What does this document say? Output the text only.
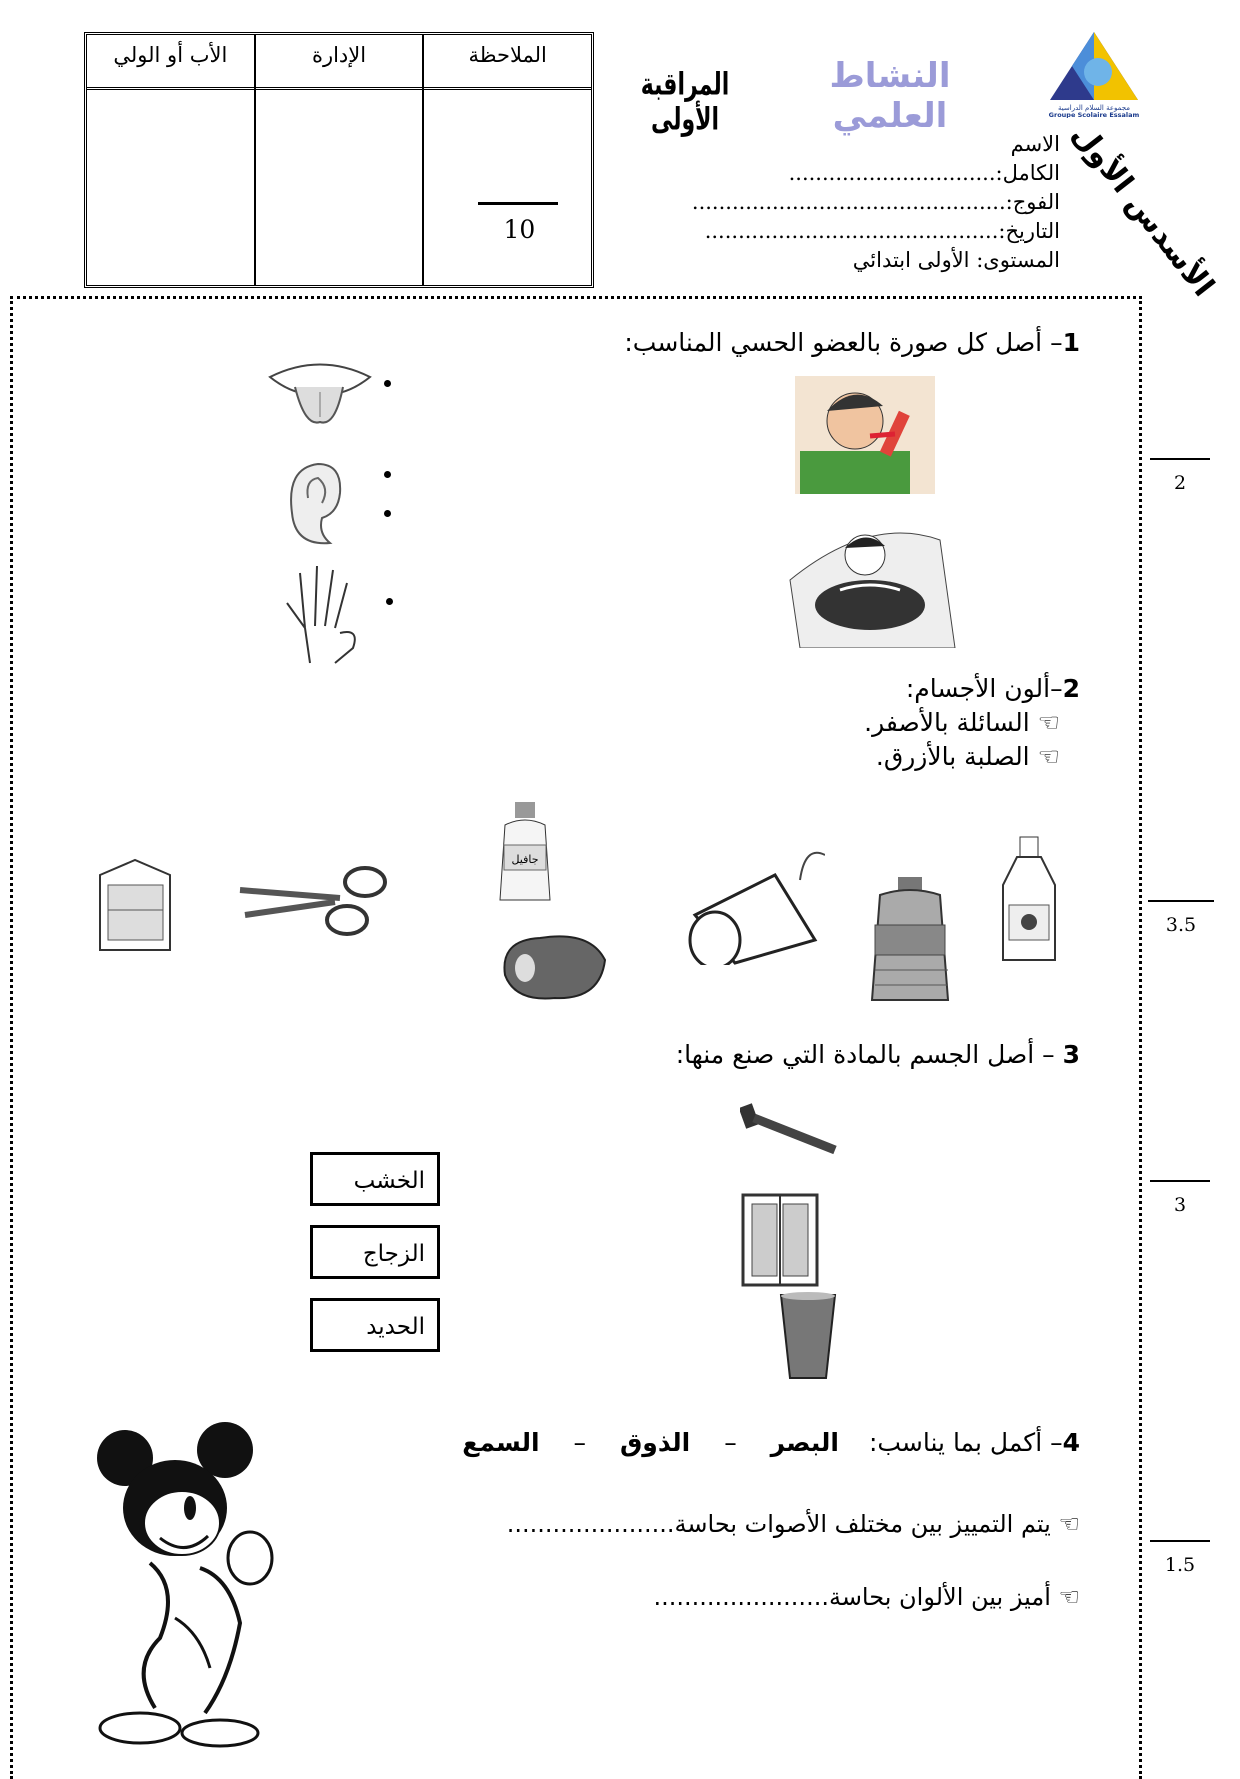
الأب أو الولي	الإدارة	الملاحظة
10
المراقبة الأولى
النشاط العلمي	مجموعة السلام الدراسية
Groupe Scolaire Essalam
الأسدس الأول
الاسم الكامل:...............................
الفوج:...............................................
التاريخ:............................................
المستوى: الأولى ابتدائي
1– أصل كل صورة بالعضو الحسي المناسب:
2
2–ألون الأجسام:
☜ السائلة بالأصفر.
☜ الصلبة بالأزرق.
جافيل
3.5
3 – أصل الجسم بالمادة التي صنع منها:
الخشب
الزجاج
الحديد
3
4– أكمل بما يناسب: البصر – الذوق – السمع
☜ يتم التمييز بين مختلف الأصوات بحاسة......................
☜ أميز بين الألوان بحاسة.......................
1.5
